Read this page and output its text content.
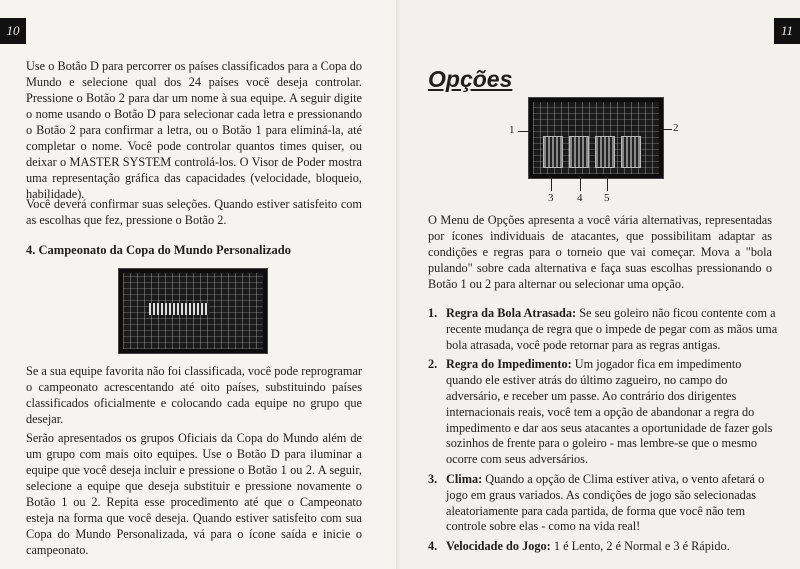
10

Use o Botão D para percorrer os países classificados para a Copa do Mundo e selecione qual dos 24 países você deseja controlar. Pressione o Botão 2 para dar um nome à sua equipe. A seguir digite o nome usando o Botão D para selecionar cada letra e pressionando o Botão 2 para confirmar a letra, ou o Botão 1 para eliminá-la, até completar o nome. Você pode controlar quantos times quiser, ou deixar o MASTER SYSTEM controlá-los. O Visor de Poder mostra uma representação gráfica das capacidades (velocidade, bloqueio, habilidade).

Você deverá confirmar suas seleções. Quando estiver satisfeito com as escolhas que fez, pressione o Botão 2.

4. Campeonato da Copa do Mundo Personalizado

Se a sua equipe favorita não foi classificada, você pode reprogramar o campeonato acrescentando até oito países, substituindo países classificados oficialmente e colocando cada equipe no grupo que desejar.

Serão apresentados os grupos Oficiais da Copa do Mundo além de um grupo com mais oito equipes. Use o Botão D para iluminar a equipe que você deseja incluir e pressione o Botão 1 ou 2. A seguir, selecione a equipe que deseja substituir e pressione novamente o Botão 1 ou 2. Repita esse procedimento até que o Campeonato esteja na forma que você deseja. Quando estiver satisfeito com sua Copa do Mundo Personalizada, vá para o ícone saída e inicie o campeonato.

11
Opções
1	2
3 4 5

O Menu de Opções apresenta a você vária alternativas, representadas por ícones individuais de atacantes, que possibilitam adaptar as condições e regras para o torneio que vai começar. Mova a "bola pulando" sobre cada alternativa e faça suas escolhas pressionando o Botão 1 ou 2 para alternar ou selecionar uma opção.

1. Regra da Bola Atrasada: Se seu goleiro não ficou contente com a recente mudança de regra que o impede de pegar com as mãos uma bola atrasada, você pode retornar para as regras antigas.
2. Regra do Impedimento: Um jogador fica em impedimento quando ele estiver atrás do último zagueiro, no campo do adversário, e receber um passe. Ao contrário dos dirigentes internacionais reais, você tem a opção de abandonar a regra do impedimento e dar aos seus atacantes a oportunidade de fazer gols sozinhos de frente para o goleiro - mas lembre-se que o mesmo ocorre com seus adversários.
3. Clima: Quando a opção de Clima estiver ativa, o vento afetará o jogo em graus variados. As condições de jogo são selecionadas aleatoriamente para cada partida, de forma que você não tem controle sobre elas - como na vida real!
4. Velocidade do Jogo: 1 é Lento, 2 é Normal e 3 é Rápido.
